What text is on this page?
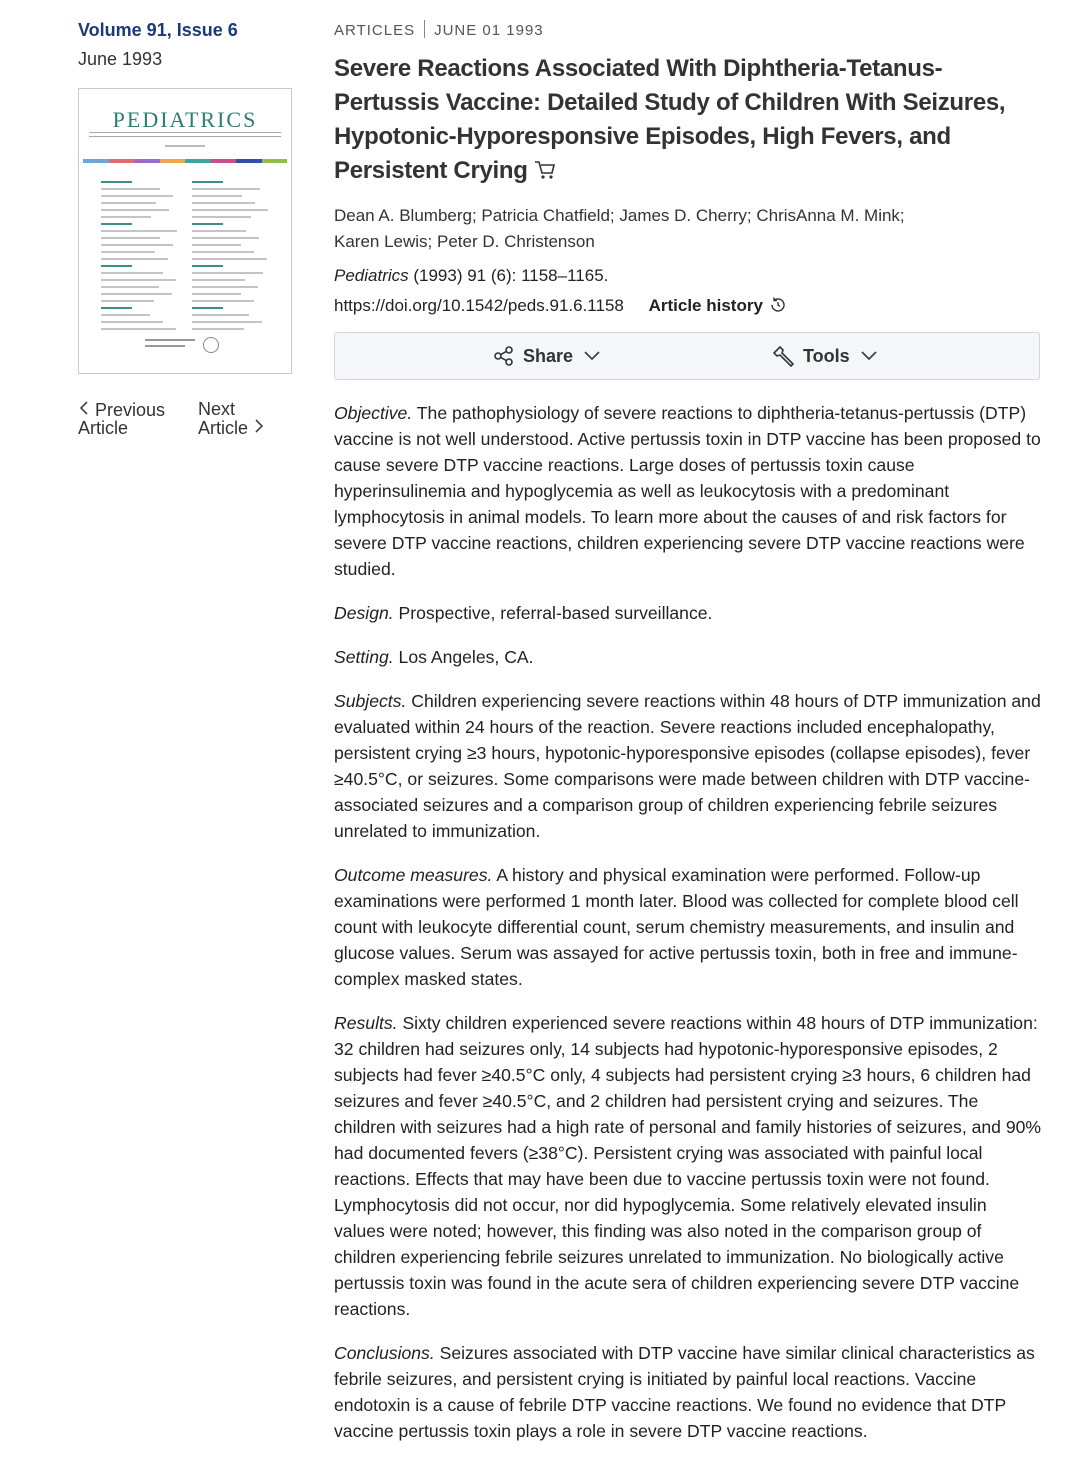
Volume 91, Issue 6
June 1993
PEDIATRICS
Previous
Article
Next
Article
ARTICLES JUNE 01 1993
Severe Reactions Associated With Diphtheria-Tetanus-Pertussis Vaccine: Detailed Study of Children With Seizures, Hypotonic-Hyporesponsive Episodes, High Fevers, and Persistent Crying
Dean A. Blumberg; Patricia Chatfield; James D. Cherry; ChrisAnna M. Mink;
Karen Lewis; Peter D. Christenson
Pediatrics (1993) 91 (6): 1158–1165.
https://doi.org/10.1542/peds.91.6.1158 Article history
Share	Tools

Objective. The pathophysiology of severe reactions to diphtheria-tetanus-pertussis (DTP) vaccine is not well understood. Active pertussis toxin in DTP vaccine has been proposed to cause severe DTP vaccine reactions. Large doses of pertussis toxin cause hyperinsulinemia and hypoglycemia as well as leukocytosis with a predominant lymphocytosis in animal models. To learn more about the causes of and risk factors for severe DTP vaccine reactions, children experiencing severe DTP vaccine reactions were studied.

Design. Prospective, referral-based surveillance.

Setting. Los Angeles, CA.

Subjects. Children experiencing severe reactions within 48 hours of DTP immunization and evaluated within 24 hours of the reaction. Severe reactions included encephalopathy, persistent crying ≥3 hours, hypotonic-hyporesponsive episodes (collapse episodes), fever ≥40.5°C, or seizures. Some comparisons were made between children with DTP vaccine-associated seizures and a comparison group of children experiencing febrile seizures unrelated to immunization.

Outcome measures. A history and physical examination were performed. Follow-up examinations were performed 1 month later. Blood was collected for complete blood cell count with leukocyte differential count, serum chemistry measurements, and insulin and glucose values. Serum was assayed for active pertussis toxin, both in free and immune-complex masked states.

Results. Sixty children experienced severe reactions within 48 hours of DTP immunization: 32 children had seizures only, 14 subjects had hypotonic-hyporesponsive episodes, 2 subjects had fever ≥40.5°C only, 4 subjects had persistent crying ≥3 hours, 6 children had seizures and fever ≥40.5°C, and 2 children had persistent crying and seizures. The children with seizures had a high rate of personal and family histories of seizures, and 90% had documented fevers (≥38°C). Persistent crying was associated with painful local reactions. Effects that may have been due to vaccine pertussis toxin were not found. Lymphocytosis did not occur, nor did hypoglycemia. Some relatively elevated insulin values were noted; however, this finding was also noted in the comparison group of children experiencing febrile seizures unrelated to immunization. No biologically active pertussis toxin was found in the acute sera of children experiencing severe DTP vaccine reactions.

Conclusions. Seizures associated with DTP vaccine have similar clinical characteristics as febrile seizures, and persistent crying is initiated by painful local reactions. Vaccine endotoxin is a cause of febrile DTP vaccine reactions. We found no evidence that DTP vaccine pertussis toxin plays a role in severe DTP vaccine reactions.
